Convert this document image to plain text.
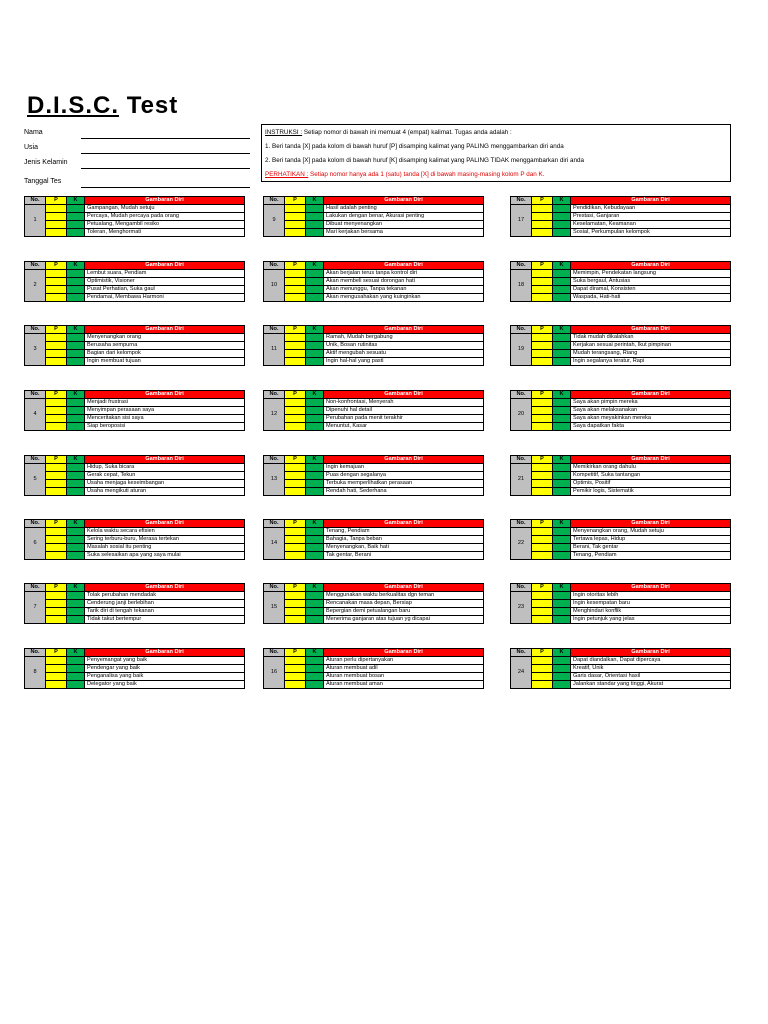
D.I.S.C. Test
Nama
Usia
Jenis Kelamin
Tanggal Tes
INSTRUKSI : Setiap nomor di bawah ini memuat 4 (empat) kalimat. Tugas anda adalah :
1. Beri tanda [X] pada kolom di bawah huruf [P] disamping kalimat yang PALING menggambarkan diri anda
2. Beri tanda [X] pada kolom di bawah huruf [K] disamping kalimat yang PALING TIDAK menggambarkan diri anda
PERHATIKAN : Setiap nomor hanya ada 1 (satu) tanda [X] di bawah masing-masing kolom P dan K.
No.	P	K	Gambaran Diri
1			Gampangan, Mudah setuju
			Percaya, Mudah percaya pada orang
			Petualang, Mengambil resiko
			Toleran, Menghormati
No.	P	K	Gambaran Diri
2			Lembut suara, Pendiam
			Optimistik, Visioner
			Pusat Perhatian, Suka gaul
			Pendamai, Membawa Harmoni
No.	P	K	Gambaran Diri
3			Menyenangkan orang
			Berusaha sempurna
			Bagian dari kelompok
			Ingin membuat tujuan
No.	P	K	Gambaran Diri
4			Menjadi frustrasi
			Menyimpan perasaan saya
			Menceritakan sisi saya
			Siap beroposisi
No.	P	K	Gambaran Diri
5			Hidup, Suka bicara
			Gerak cepat, Tekun
			Usaha menjaga keseimbangan
			Usaha mengikuti aturan
No.	P	K	Gambaran Diri
6			Kelola waktu secara efisien
			Sering terburu-buru, Merasa tertekan
			Masalah sosial itu penting
			Suka selesaikan apa yang saya mulai
No.	P	K	Gambaran Diri
7			Tolak perubahan mendadak
			Cenderung janji berlebihan
			Tarik diri di tengah tekanan
			Tidak takut bertempur
No.	P	K	Gambaran Diri
8			Penyemangat yang baik
			Pendengar yang baik
			Penganalisa yang baik
			Delegator yang baik
No.	P	K	Gambaran Diri
9			Hasil adalah penting
			Lakukan dengan benar, Akurasi penting
			Dibuat menyenangkan
			Mari kerjakan bersama
No.	P	K	Gambaran Diri
10			Akan berjalan terus tanpa kontrol diri
			Akan membeli sesuai dorongan hati
			Akan menunggu, Tanpa tekanan
			Akan mengusahakan yang kuinginkan
No.	P	K	Gambaran Diri
11			Ramah, Mudah bergabung
			Unik, Bosan rutinitas
			Aktif mengubah sesuatu
			Ingin hal-hal yang pasti
No.	P	K	Gambaran Diri
12			Non-konfrontasi, Menyerah
			Dipenuhi hal detail
			Perubahan pada menit terakhir
			Menuntut, Kasar
No.	P	K	Gambaran Diri
13			Ingin kemajuan
			Puas dengan segalanya
			Terbuka memperlihatkan perasaan
			Rendah hati, Sederhana
No.	P	K	Gambaran Diri
14			Tenang, Pendiam
			Bahagia, Tanpa beban
			Menyenangkan, Baik hati
			Tak gentar, Berani
No.	P	K	Gambaran Diri
15			Menggunakan waktu berkualitas dgn teman
			Rencanakan masa depan, Bersiap
			Bepergian demi petualangan baru
			Menerima ganjaran atas tujuan yg dicapai
No.	P	K	Gambaran Diri
16			Aturan perlu dipertanyakan
			Aturan membuat adil
			Aturan membuat bosan
			Aturan membuat aman
No.	P	K	Gambaran Diri
17			Pendidikan, Kebudayaan
			Prestasi, Ganjaran
			Keselamatan, Keamanan
			Sosial, Perkumpulan kelompok
No.	P	K	Gambaran Diri
18			Memimpin, Pendekatan langsung
			Suka bergaul, Antusias
			Dapat diramal, Konsisten
			Waspada, Hati-hati
No.	P	K	Gambaran Diri
19			Tidak mudah dikalahkan
			Kerjakan sesuai perintah, Ikut pimpinan
			Mudah terangsang, Riang
			Ingin segalanya teratur, Rapi
No.	P	K	Gambaran Diri
20			Saya akan pimpin mereka
			Saya akan melaksanakan
			Saya akan meyakinkan mereka
			Saya dapatkan fakta
No.	P	K	Gambaran Diri
21			Memikirkan orang dahulu
			Kompetitif, Suka tantangan
			Optimis, Positif
			Pemikir logis, Sistematik
No.	P	K	Gambaran Diri
22			Menyenangkan orang, Mudah setuju
			Tertawa lepas, Hidup
			Berani, Tak gentar
			Tenang, Pendiam
No.	P	K	Gambaran Diri
23			Ingin otoritas lebih
			Ingin kesempatan baru
			Menghindari konflik
			Ingin petunjuk yang jelas
No.	P	K	Gambaran Diri
24			Dapat diandalkan, Dapat dipercaya
			Kreatif, Unik
			Garis dasar, Orientasi hasil
			Jalankan standar yang tinggi, Akurat
